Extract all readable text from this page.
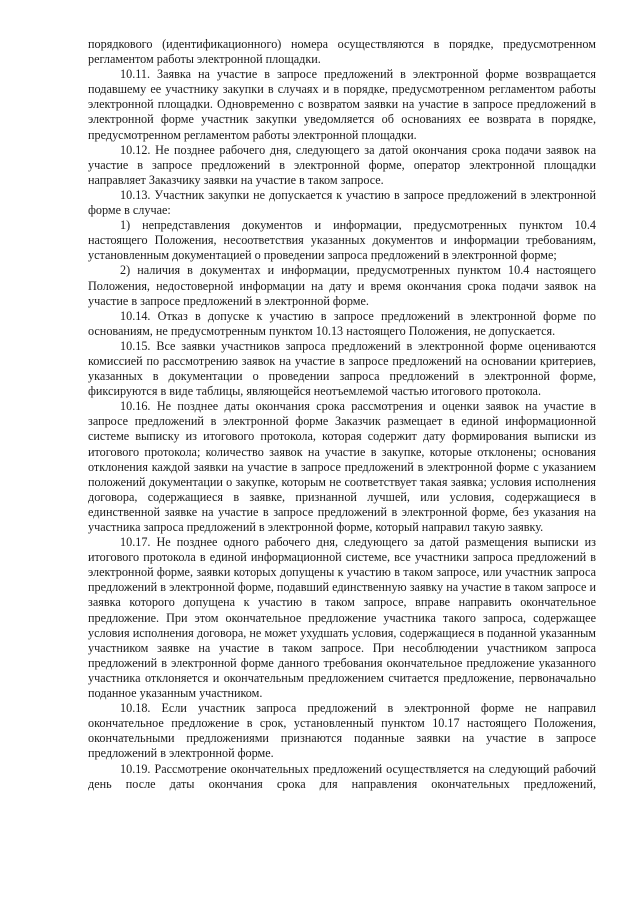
порядкового (идентификационного) номера осуществляются в порядке, предусмотренном регламентом работы электронной площадки.

10.11. Заявка на участие в запросе предложений в электронной форме возвращается подавшему ее участнику закупки в случаях и в порядке, предусмотренном регламентом работы электронной площадки. Одновременно с возвратом заявки на участие в запросе предложений в электронной форме участник закупки уведомляется об основаниях ее возврата в порядке, предусмотренном регламентом работы электронной площадки.

10.12. Не позднее рабочего дня, следующего за датой окончания срока подачи заявок на участие в запросе предложений в электронной форме, оператор электронной площадки направляет Заказчику заявки на участие в таком запросе.

10.13. Участник закупки не допускается к участию в запросе предложений в электронной форме в случае:

1) непредставления документов и информации, предусмотренных пунктом 10.4 настоящего Положения, несоответствия указанных документов и информации требованиям, установленным документацией о проведении запроса предложений в электронной форме;

2) наличия в документах и информации, предусмотренных пунктом 10.4 настоящего Положения, недостоверной информации на дату и время окончания срока подачи заявок на участие в запросе предложений в электронной форме.

10.14. Отказ в допуске к участию в запросе предложений в электронной форме по основаниям, не предусмотренным пунктом 10.13 настоящего Положения, не допускается.

10.15. Все заявки участников запроса предложений в электронной форме оцениваются комиссией по рассмотрению заявок на участие в запросе предложений на основании критериев, указанных в документации о проведении запроса предложений в электронной форме, фиксируются в виде таблицы, являющейся неотъемлемой частью итогового протокола.

10.16. Не позднее даты окончания срока рассмотрения и оценки заявок на участие в запросе предложений в электронной форме Заказчик размещает в единой информационной системе выписку из итогового протокола, которая содержит дату формирования выписки из итогового протокола; количество заявок на участие в закупке, которые отклонены; основания отклонения каждой заявки на участие в запросе предложений в электронной форме с указанием положений документации о закупке, которым не соответствует такая заявка; условия исполнения договора, содержащиеся в заявке, признанной лучшей, или условия, содержащиеся в единственной заявке на участие в запросе предложений в электронной форме, без указания на участника запроса предложений в электронной форме, который направил такую заявку.

10.17. Не позднее одного рабочего дня, следующего за датой размещения выписки из итогового протокола в единой информационной системе, все участники запроса предложений в электронной форме, заявки которых допущены к участию в таком запросе, или участник запроса предложений в электронной форме, подавший единственную заявку на участие в таком запросе и заявка которого допущена к участию в таком запросе, вправе направить окончательное предложение. При этом окончательное предложение участника такого запроса, содержащее условия исполнения договора, не может ухудшать условия, содержащиеся в поданной указанным участником заявке на участие в таком запросе. При несоблюдении участником запроса предложений в электронной форме данного требования окончательное предложение указанного участника отклоняется и окончательным предложением считается предложение, первоначально поданное указанным участником.

10.18. Если участник запроса предложений в электронной форме не направил окончательное предложение в срок, установленный пунктом 10.17 настоящего Положения, окончательными предложениями признаются поданные заявки на участие в запросе предложений в электронной форме.

10.19. Рассмотрение окончательных предложений осуществляется на следующий рабочий день после даты окончания срока для направления окончательных предложений,
